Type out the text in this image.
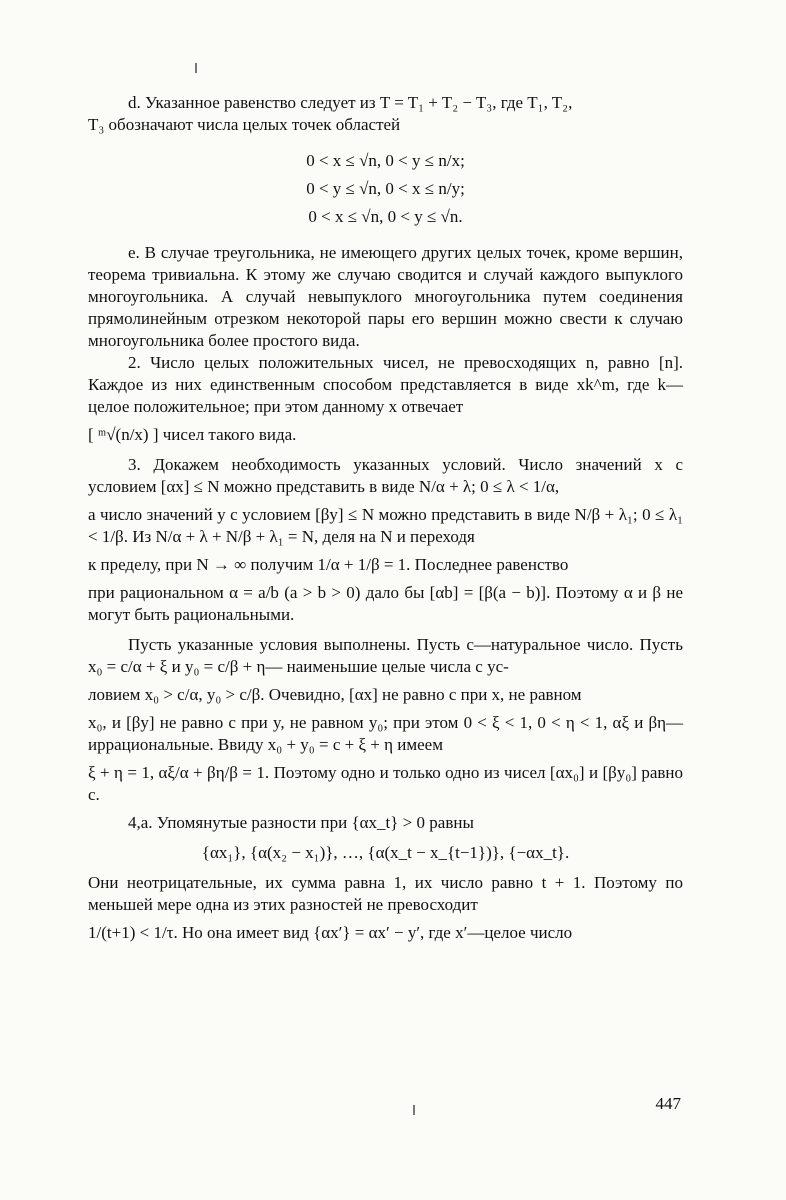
d. Указанное равенство следует из T = T₁ + T₂ − T₃, где T₁, T₂,

T₃ обозначают числа целых точек областей

0 < x ≤ √n, 0 < y ≤ n/x;

0 < y ≤ √n, 0 < x ≤ n/y;

0 < x ≤ √n, 0 < y ≤ √n.

e. В случае треугольника, не имеющего других целых точек, кроме вершин, теорема тривиальна. К этому же случаю сводится и случай каждого выпуклого многоугольника. А случай невыпуклого многоугольника путем соединения прямолинейным отрезком некоторой пары его вершин можно свести к случаю многоугольника более простого вида.

2. Число целых положительных чисел, не превосходящих n, равно [n]. Каждое из них единственным способом представляется в виде xk^m, где k—целое положительное; при этом данному x отвечает

[ ᵐ√(n/x) ] чисел такого вида.

3. Докажем необходимость указанных условий. Число значений x с условием [αx] ≤ N можно представить в виде N/α + λ; 0 ≤ λ < 1/α,

а число значений y с условием [βy] ≤ N можно представить в виде N/β + λ₁; 0 ≤ λ₁ < 1/β. Из N/α + λ + N/β + λ₁ = N, деля на N и переходя

к пределу, при N → ∞ получим 1/α + 1/β = 1. Последнее равенство

при рациональном α = a/b (a > b > 0) дало бы [αb] = [β(a − b)]. Поэтому α и β не могут быть рациональными.

Пусть указанные условия выполнены. Пусть c—натуральное число. Пусть x₀ = c/α + ξ и y₀ = c/β + η— наименьшие целые числа с ус-

ловием x₀ > c/α, y₀ > c/β. Очевидно, [αx] не равно c при x, не равном

x₀, и [βy] не равно c при y, не равном y₀; при этом 0 < ξ < 1, 0 < η < 1, αξ и βη—иррациональные. Ввиду x₀ + y₀ = c + ξ + η имеем

ξ + η = 1, αξ/α + βη/β = 1. Поэтому одно и только одно из чисел [αx₀] и [βy₀] равно c.

4,a. Упомянутые разности при {αx_t} > 0 равны

{αx₁}, {α(x₂ − x₁)}, …, {α(x_t − x_{t−1})}, {−αx_t}.

Они неотрицательные, их сумма равна 1, их число равно t + 1. Поэтому по меньшей мере одна из этих разностей не превосходит

1/(t+1) < 1/τ. Но она имеет вид {αx′} = αx′ − y′, где x′—целое число

447
